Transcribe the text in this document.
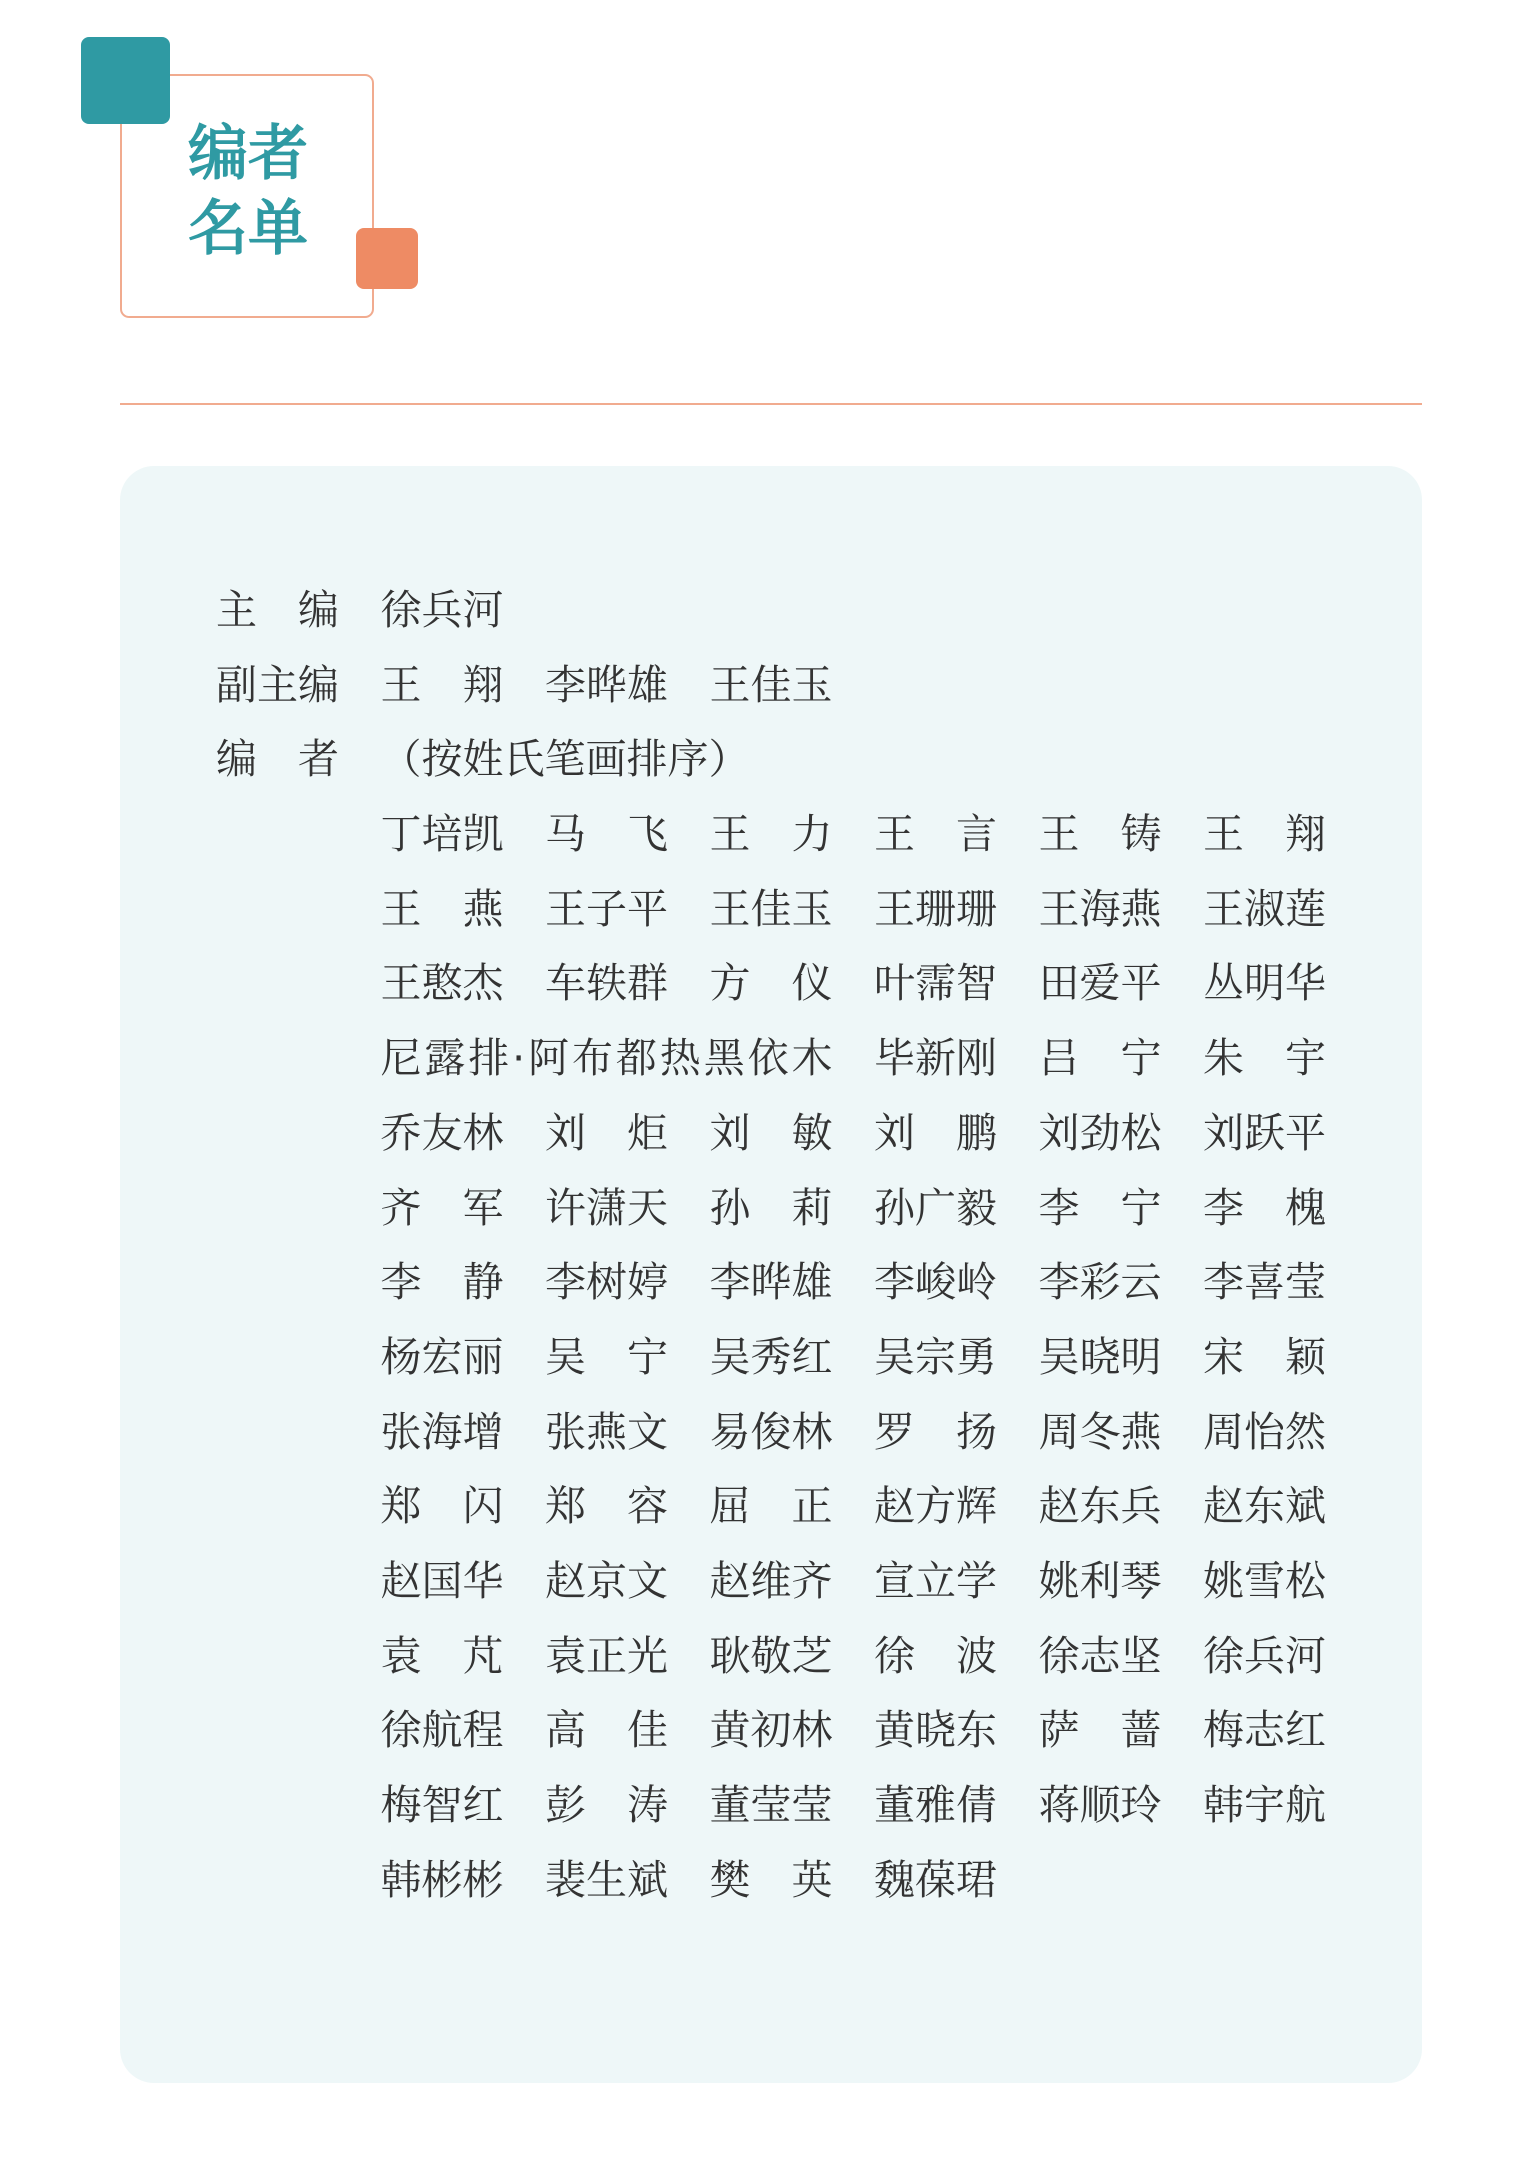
编者
名单
主编 徐兵河
副主编 王翔 李晔雄 王佳玉
编者 （按姓氏笔画排序）
丁培凯 马飞 王力 王言 王铸 王翔
王燕 王子平 王佳玉 王珊珊 王海燕 王淑莲
王憨杰 车轶群 方仪 叶霈智 田爱平 丛明华
尼露排·阿布都热黑依木 毕新刚 吕宁 朱宇
乔友林 刘炬 刘敏 刘鹏 刘劲松 刘跃平
齐军 许潇天 孙莉 孙广毅 李宁 李槐
李静 李树婷 李晔雄 李峻岭 李彩云 李喜莹
杨宏丽 吴宁 吴秀红 吴宗勇 吴晓明 宋颖
张海增 张燕文 易俊林 罗扬 周冬燕 周怡然
郑闪 郑容 屈正 赵方辉 赵东兵 赵东斌
赵国华 赵京文 赵维齐 宣立学 姚利琴 姚雪松
袁芃 袁正光 耿敬芝 徐波 徐志坚 徐兵河
徐航程 高佳 黄初林 黄晓东 萨蔷 梅志红
梅智红 彭涛 董莹莹 董雅倩 蒋顺玲 韩宇航
韩彬彬 裴生斌 樊英 魏葆珺
